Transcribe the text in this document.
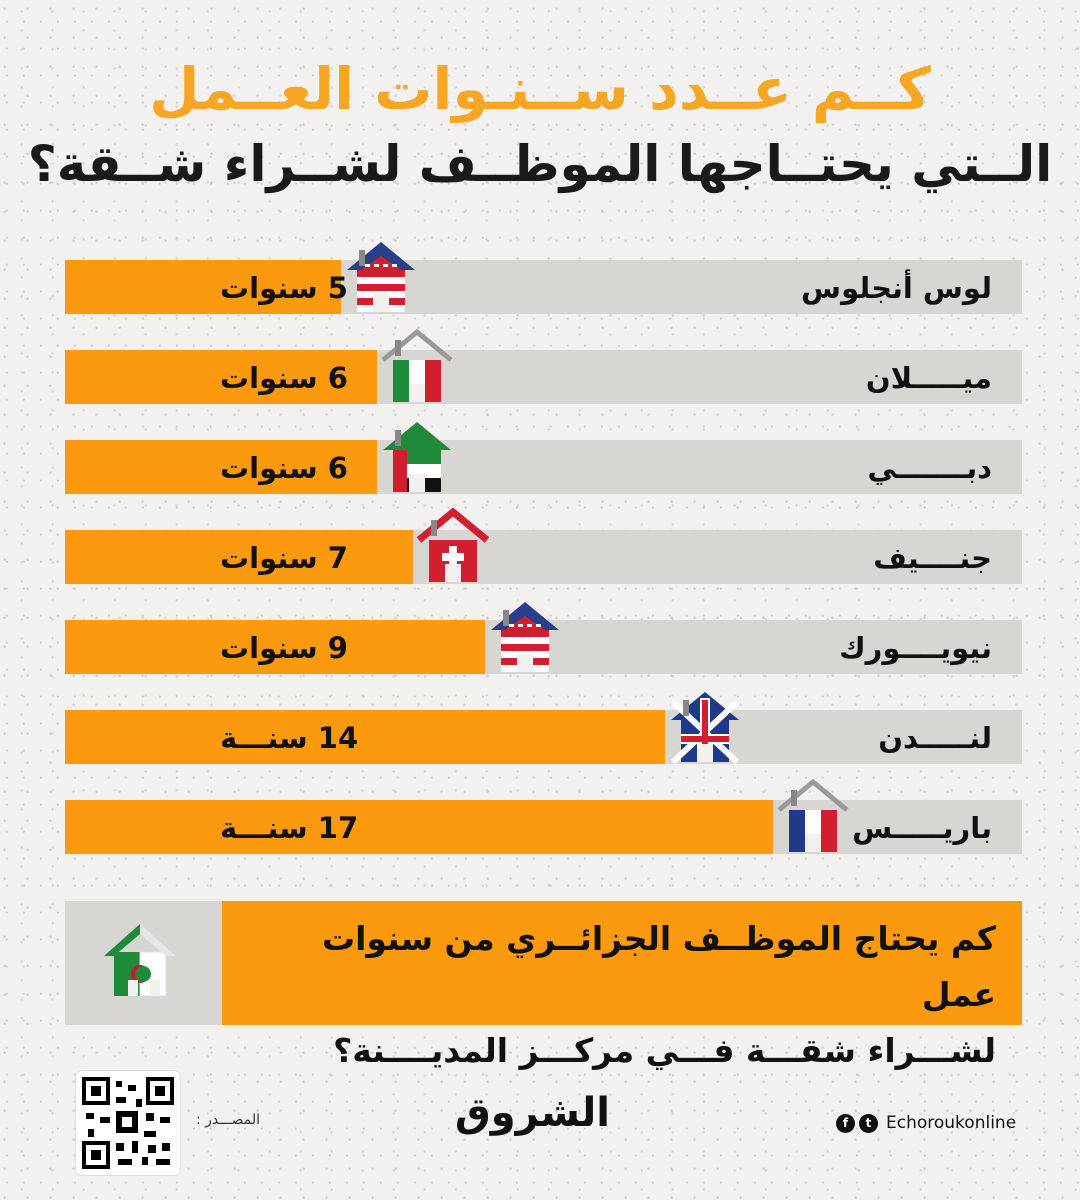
كــم عــدد ســنـوات العــمل
الــتي يحتــاجها الموظــف لشــراء شــقة؟
5 سنوات	لوس أنجلوس
6 سنوات	ميـــــلان
6 سنوات	دبـــــــي
7 سنوات	جنــــيف
9 سنوات	نيويــــورك
14 سنـــة	لنـــــدن
17 سنـــة	باريـــــس
كم يحتاج الموظــف الجزائــري من سنوات عمل
لشـــراء شقـــة فـــي مركـــز المديــــنة؟
المصـــدر :	الشروق	f	t Echoroukonline
